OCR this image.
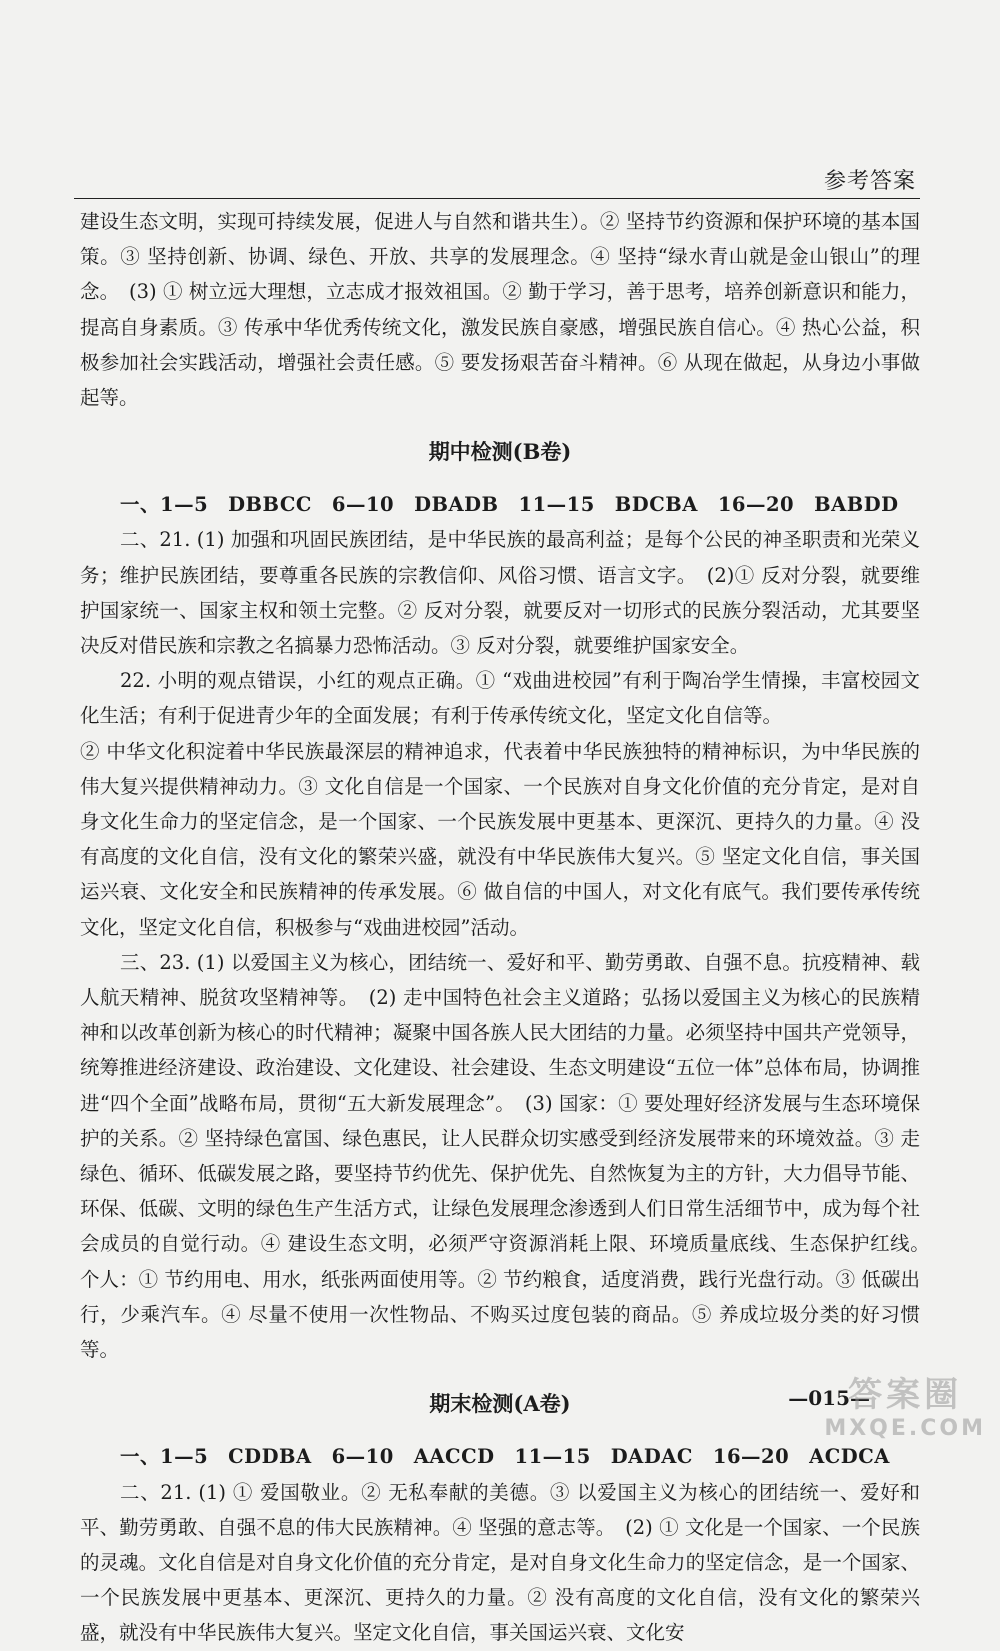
参考答案

建设生态文明，实现可持续发展，促进人与自然和谐共生）。② 坚持节约资源和保护环境的基本国策。③ 坚持创新、协调、绿色、开放、共享的发展理念。④ 坚持“绿水青山就是金山银山”的理念。　(3) ① 树立远大理想，立志成才报效祖国。② 勤于学习，善于思考，培养创新意识和能力，提高自身素质。③ 传承中华优秀传统文化，激发民族自豪感，增强民族自信心。④ 热心公益，积极参加社会实践活动，增强社会责任感。⑤ 要发扬艰苦奋斗精神。⑥ 从现在做起，从身边小事做起等。

期中检测(B卷)

一、1—5　DBBCC　6—10　DBADB　11—15　BDCBA　16—20　BABDD

二、21. (1) 加强和巩固民族团结，是中华民族的最高利益；是每个公民的神圣职责和光荣义务；维护民族团结，要尊重各民族的宗教信仰、风俗习惯、语言文字。　(2)① 反对分裂，就要维护国家统一、国家主权和领土完整。② 反对分裂，就要反对一切形式的民族分裂活动，尤其要坚决反对借民族和宗教之名搞暴力恐怖活动。③ 反对分裂，就要维护国家安全。

22. 小明的观点错误，小红的观点正确。① “戏曲进校园”有利于陶冶学生情操，丰富校园文化生活；有利于促进青少年的全面发展；有利于传承传统文化，坚定文化自信等。

② 中华文化积淀着中华民族最深层的精神追求，代表着中华民族独特的精神标识，为中华民族的伟大复兴提供精神动力。③ 文化自信是一个国家、一个民族对自身文化价值的充分肯定，是对自身文化生命力的坚定信念，是一个国家、一个民族发展中更基本、更深沉、更持久的力量。④ 没有高度的文化自信，没有文化的繁荣兴盛，就没有中华民族伟大复兴。⑤ 坚定文化自信，事关国运兴衰、文化安全和民族精神的传承发展。⑥ 做自信的中国人，对文化有底气。我们要传承传统文化，坚定文化自信，积极参与“戏曲进校园”活动。

三、23. (1) 以爱国主义为核心，团结统一、爱好和平、勤劳勇敢、自强不息。抗疫精神、载人航天精神、脱贫攻坚精神等。　(2) 走中国特色社会主义道路；弘扬以爱国主义为核心的民族精神和以改革创新为核心的时代精神；凝聚中国各族人民大团结的力量。必须坚持中国共产党领导，统筹推进经济建设、政治建设、文化建设、社会建设、生态文明建设“五位一体”总体布局，协调推进“四个全面”战略布局，贯彻“五大新发展理念”。　(3) 国家：① 要处理好经济发展与生态环境保护的关系。② 坚持绿色富国、绿色惠民，让人民群众切实感受到经济发展带来的环境效益。③ 走绿色、循环、低碳发展之路，要坚持节约优先、保护优先、自然恢复为主的方针，大力倡导节能、环保、低碳、文明的绿色生产生活方式，让绿色发展理念渗透到人们日常生活细节中，成为每个社会成员的自觉行动。④ 建设生态文明，必须严守资源消耗上限、环境质量底线、生态保护红线。　个人：① 节约用电、用水，纸张两面使用等。② 节约粮食，适度消费，践行光盘行动。③ 低碳出行，少乘汽车。④ 尽量不使用一次性物品、不购买过度包装的商品。⑤ 养成垃圾分类的好习惯等。

期末检测(A卷)

一、1—5　CDDBA　6—10　AACCD　11—15　DADAC　16—20　ACDCA

二、21. (1) ① 爱国敬业。② 无私奉献的美德。③ 以爱国主义为核心的团结统一、爱好和平、勤劳勇敢、自强不息的伟大民族精神。④ 坚强的意志等。　(2) ① 文化是一个国家、一个民族的灵魂。文化自信是对自身文化价值的充分肯定，是对自身文化生命力的坚定信念，是一个国家、一个民族发展中更基本、更深沉、更持久的力量。② 没有高度的文化自信，没有文化的繁荣兴盛，就没有中华民族伟大复兴。坚定文化自信，事关国运兴衰、文化安

—015—
答案圈
MXQE.COM
